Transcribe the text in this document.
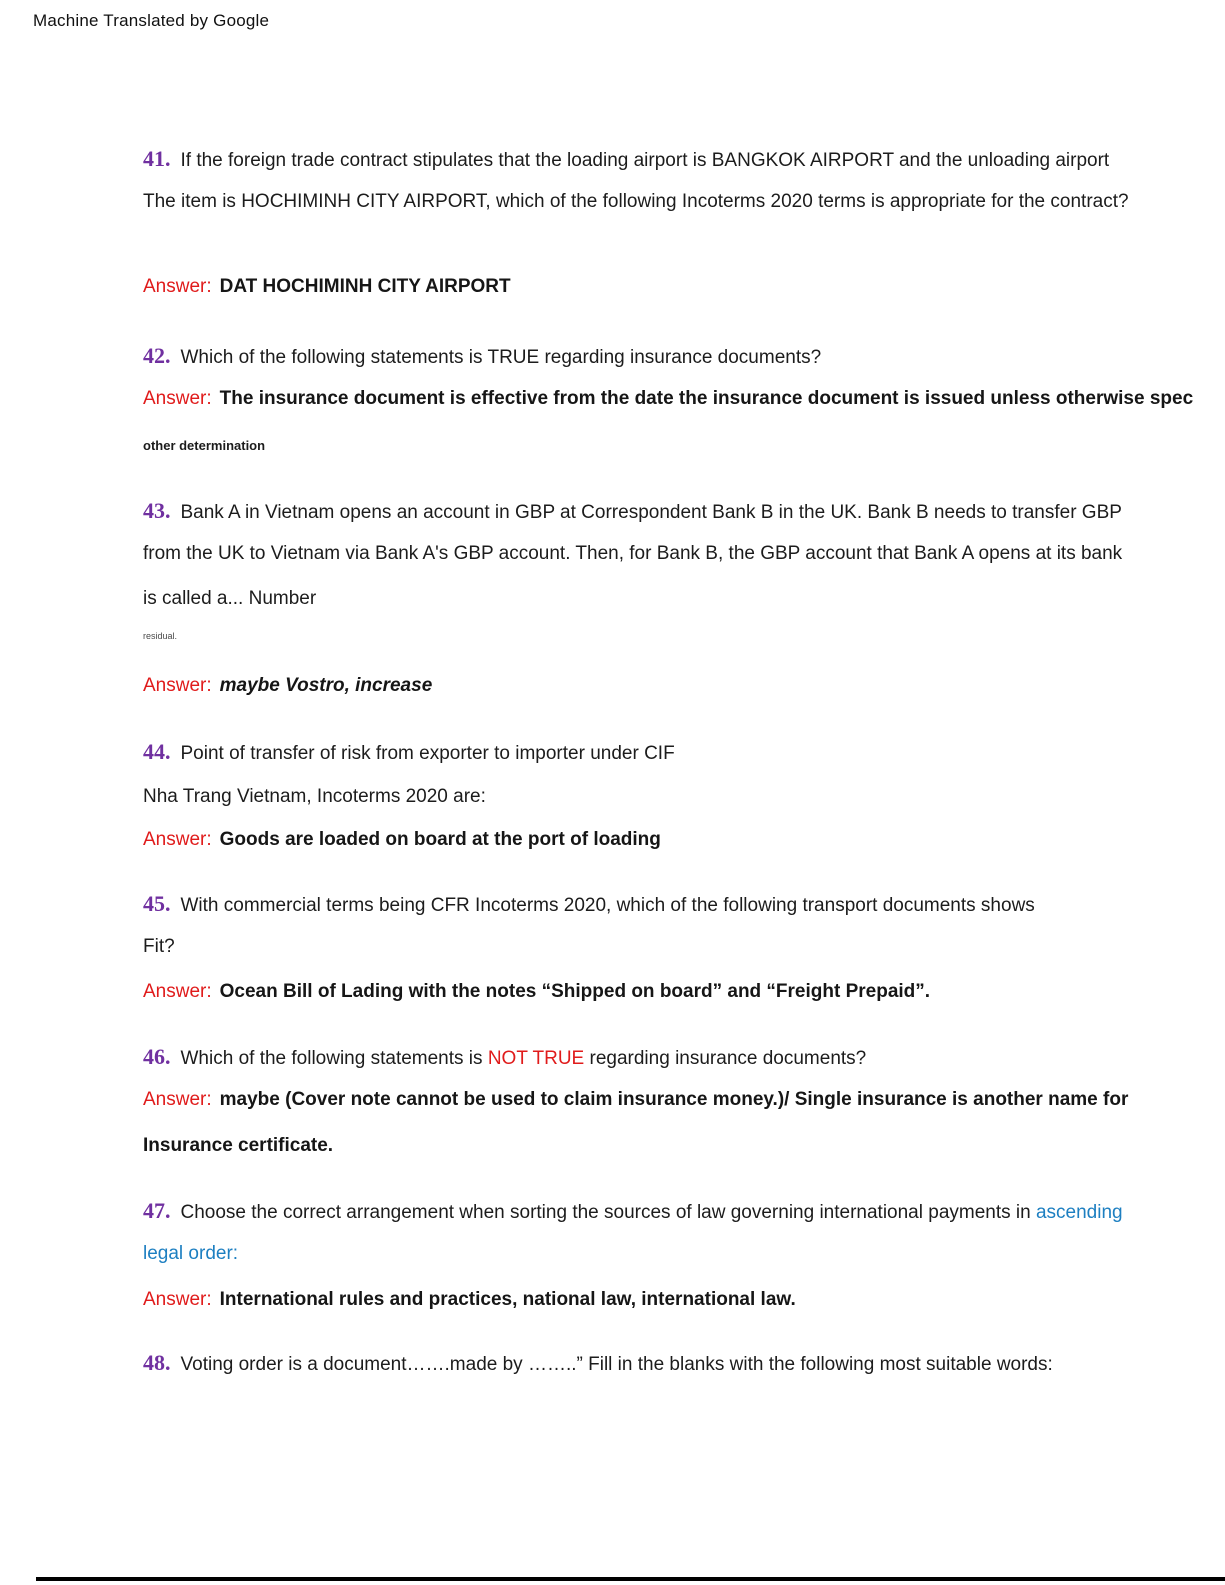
Machine Translated by Google
41. If the foreign trade contract stipulates that the loading airport is BANGKOK AIRPORT and the unloading airport
The item is HOCHIMINH CITY AIRPORT, which of the following Incoterms 2020 terms is appropriate for the contract?
Answer: DAT HOCHIMINH CITY AIRPORT
42. Which of the following statements is TRUE regarding insurance documents?
Answer: The insurance document is effective from the date the insurance document is issued unless otherwise spec
other determination
43. Bank A in Vietnam opens an account in GBP at Correspondent Bank B in the UK. Bank B needs to transfer GBP
from the UK to Vietnam via Bank A's GBP account. Then, for Bank B, the GBP account that Bank A opens at its bank
is called a... Number
residual.
Answer: maybe Vostro, increase
44. Point of transfer of risk from exporter to importer under CIF
Nha Trang Vietnam, Incoterms 2020 are:
Answer: Goods are loaded on board at the port of loading
45. With commercial terms being CFR Incoterms 2020, which of the following transport documents shows
Fit?
Answer: Ocean Bill of Lading with the notes “Shipped on board” and “Freight Prepaid”.
46. Which of the following statements is NOT TRUE regarding insurance documents?
Answer: maybe (Cover note cannot be used to claim insurance money.)/ Single insurance is another name for
Insurance certificate.
47. Choose the correct arrangement when sorting the sources of law governing international payments in ascending
legal order:
Answer: International rules and practices, national law, international law.
48. Voting order is a document…….made by ……..” Fill in the blanks with the following most suitable words:
